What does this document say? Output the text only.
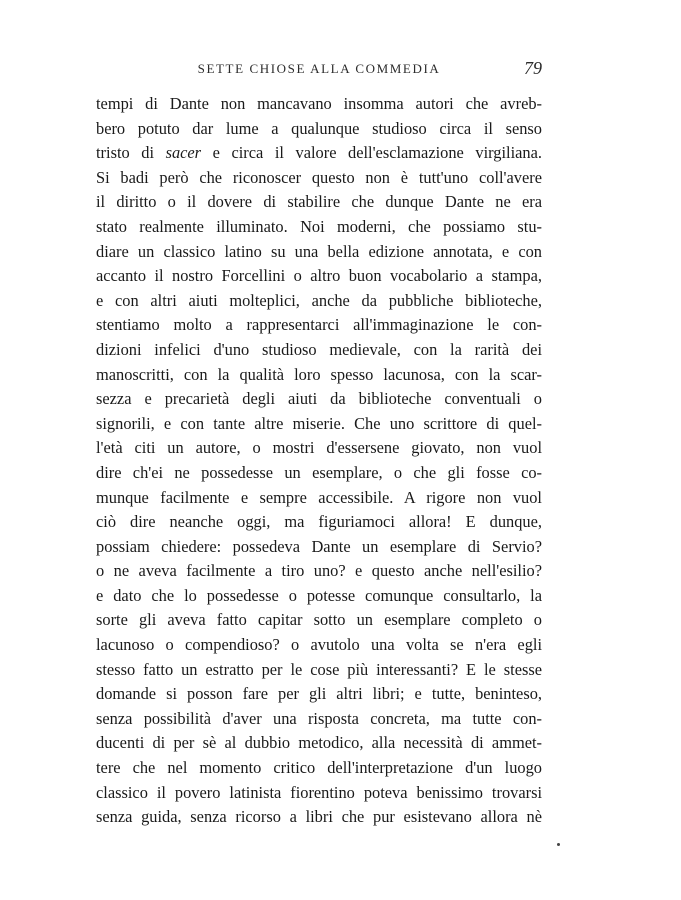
SETTE CHIOSE ALLA COMMEDIA	79
tempi di Dante non mancavano insomma autori che avreb-
bero potuto dar lume a qualunque studioso circa il senso
tristo di sacer e circa il valore dell'esclamazione virgiliana.
Si badi però che riconoscer questo non è tutt'uno coll'avere
il diritto o il dovere di stabilire che dunque Dante ne era
stato realmente illuminato. Noi moderni, che possiamo stu-
diare un classico latino su una bella edizione annotata, e con
accanto il nostro Forcellini o altro buon vocabolario a stampa,
e con altri aiuti molteplici, anche da pubbliche biblioteche,
stentiamo molto a rappresentarci all'immaginazione le con-
dizioni infelici d'uno studioso medievale, con la rarità dei
manoscritti, con la qualità loro spesso lacunosa, con la scar-
sezza e precarietà degli aiuti da biblioteche conventuali o
signorili, e con tante altre miserie. Che uno scrittore di quel-
l'età citi un autore, o mostri d'essersene giovato, non vuol
dire ch'ei ne possedesse un esemplare, o che gli fosse co-
munque facilmente e sempre accessibile. A rigore non vuol
ciò dire neanche oggi, ma figuriamoci allora! E dunque,
possiam chiedere: possedeva Dante un esemplare di Servio?
o ne aveva facilmente a tiro uno? e questo anche nell'esilio?
e dato che lo possedesse o potesse comunque consultarlo, la
sorte gli aveva fatto capitar sotto un esemplare completo o
lacunoso o compendioso? o avutolo una volta se n'era egli
stesso fatto un estratto per le cose più interessanti? E le stesse
domande si posson fare per gli altri libri; e tutte, beninteso,
senza possibilità d'aver una risposta concreta, ma tutte con-
ducenti di per sè al dubbio metodico, alla necessità di ammet-
tere che nel momento critico dell'interpretazione d'un luogo
classico il povero latinista fiorentino poteva benissimo trovarsi
senza guida, senza ricorso a libri che pur esistevano allora nè
